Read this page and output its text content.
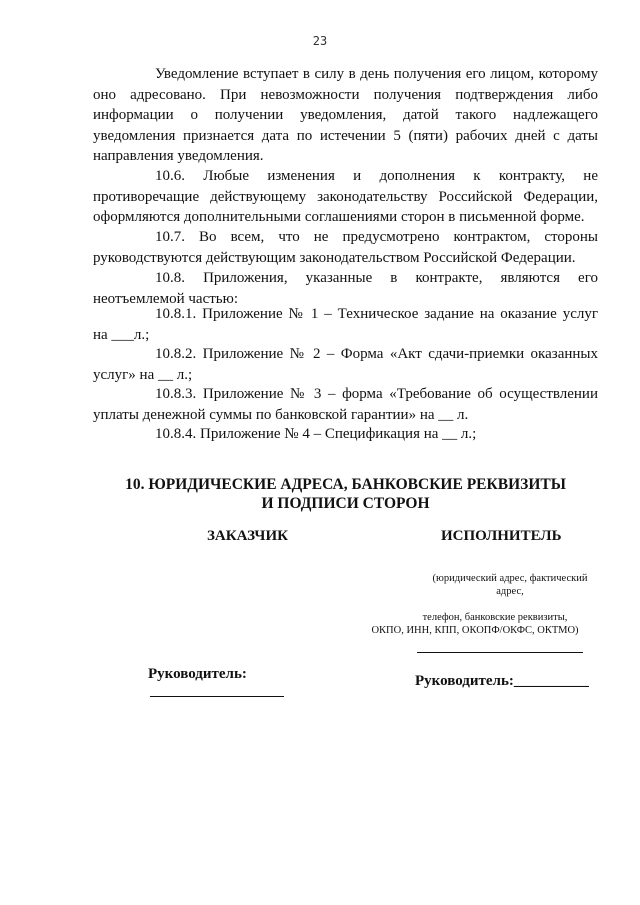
23

Уведомление вступает в силу в день получения его лицом, которому оно адресовано. При невозможности получения подтверждения либо информации о получении уведомления, датой такого надлежащего уведомления признается дата по истечении 5 (пяти) рабочих дней с даты направления уведомления.

10.6. Любые изменения и дополнения к контракту, не противоречащие действующему законодательству Российской Федерации, оформляются дополнительными соглашениями сторон в письменной форме.

10.7. Во всем, что не предусмотрено контрактом, стороны руководствуются действующим законодательством Российской Федерации.

10.8. Приложения, указанные в контракте, являются его

неотъемлемой частью:

10.8.1. Приложение № 1 – Техническое задание на оказание услуг

на ___л.;

10.8.2. Приложение № 2 – Форма «Акт сдачи-приемки оказанных

услуг» на __ л.;

10.8.3. Приложение № 3 – форма «Требование об осуществлении

уплаты денежной суммы по банковской гарантии» на __ л.

10.8.4. Приложение № 4 – Спецификация на __ л.;

10. ЮРИДИЧЕСКИЕ АДРЕСА, БАНКОВСКИЕ РЕКВИЗИТЫ
И ПОДПИСИ СТОРОН
ЗАКАЗЧИК	ИСПОЛНИТЕЛЬ
(юридический адрес, фактический
адрес,
телефон, банковские реквизиты,
ОКПО, ИНН, КПП, ОКОПФ/ОКФС, ОКТМО)
Руководитель:	Руководитель:__________
